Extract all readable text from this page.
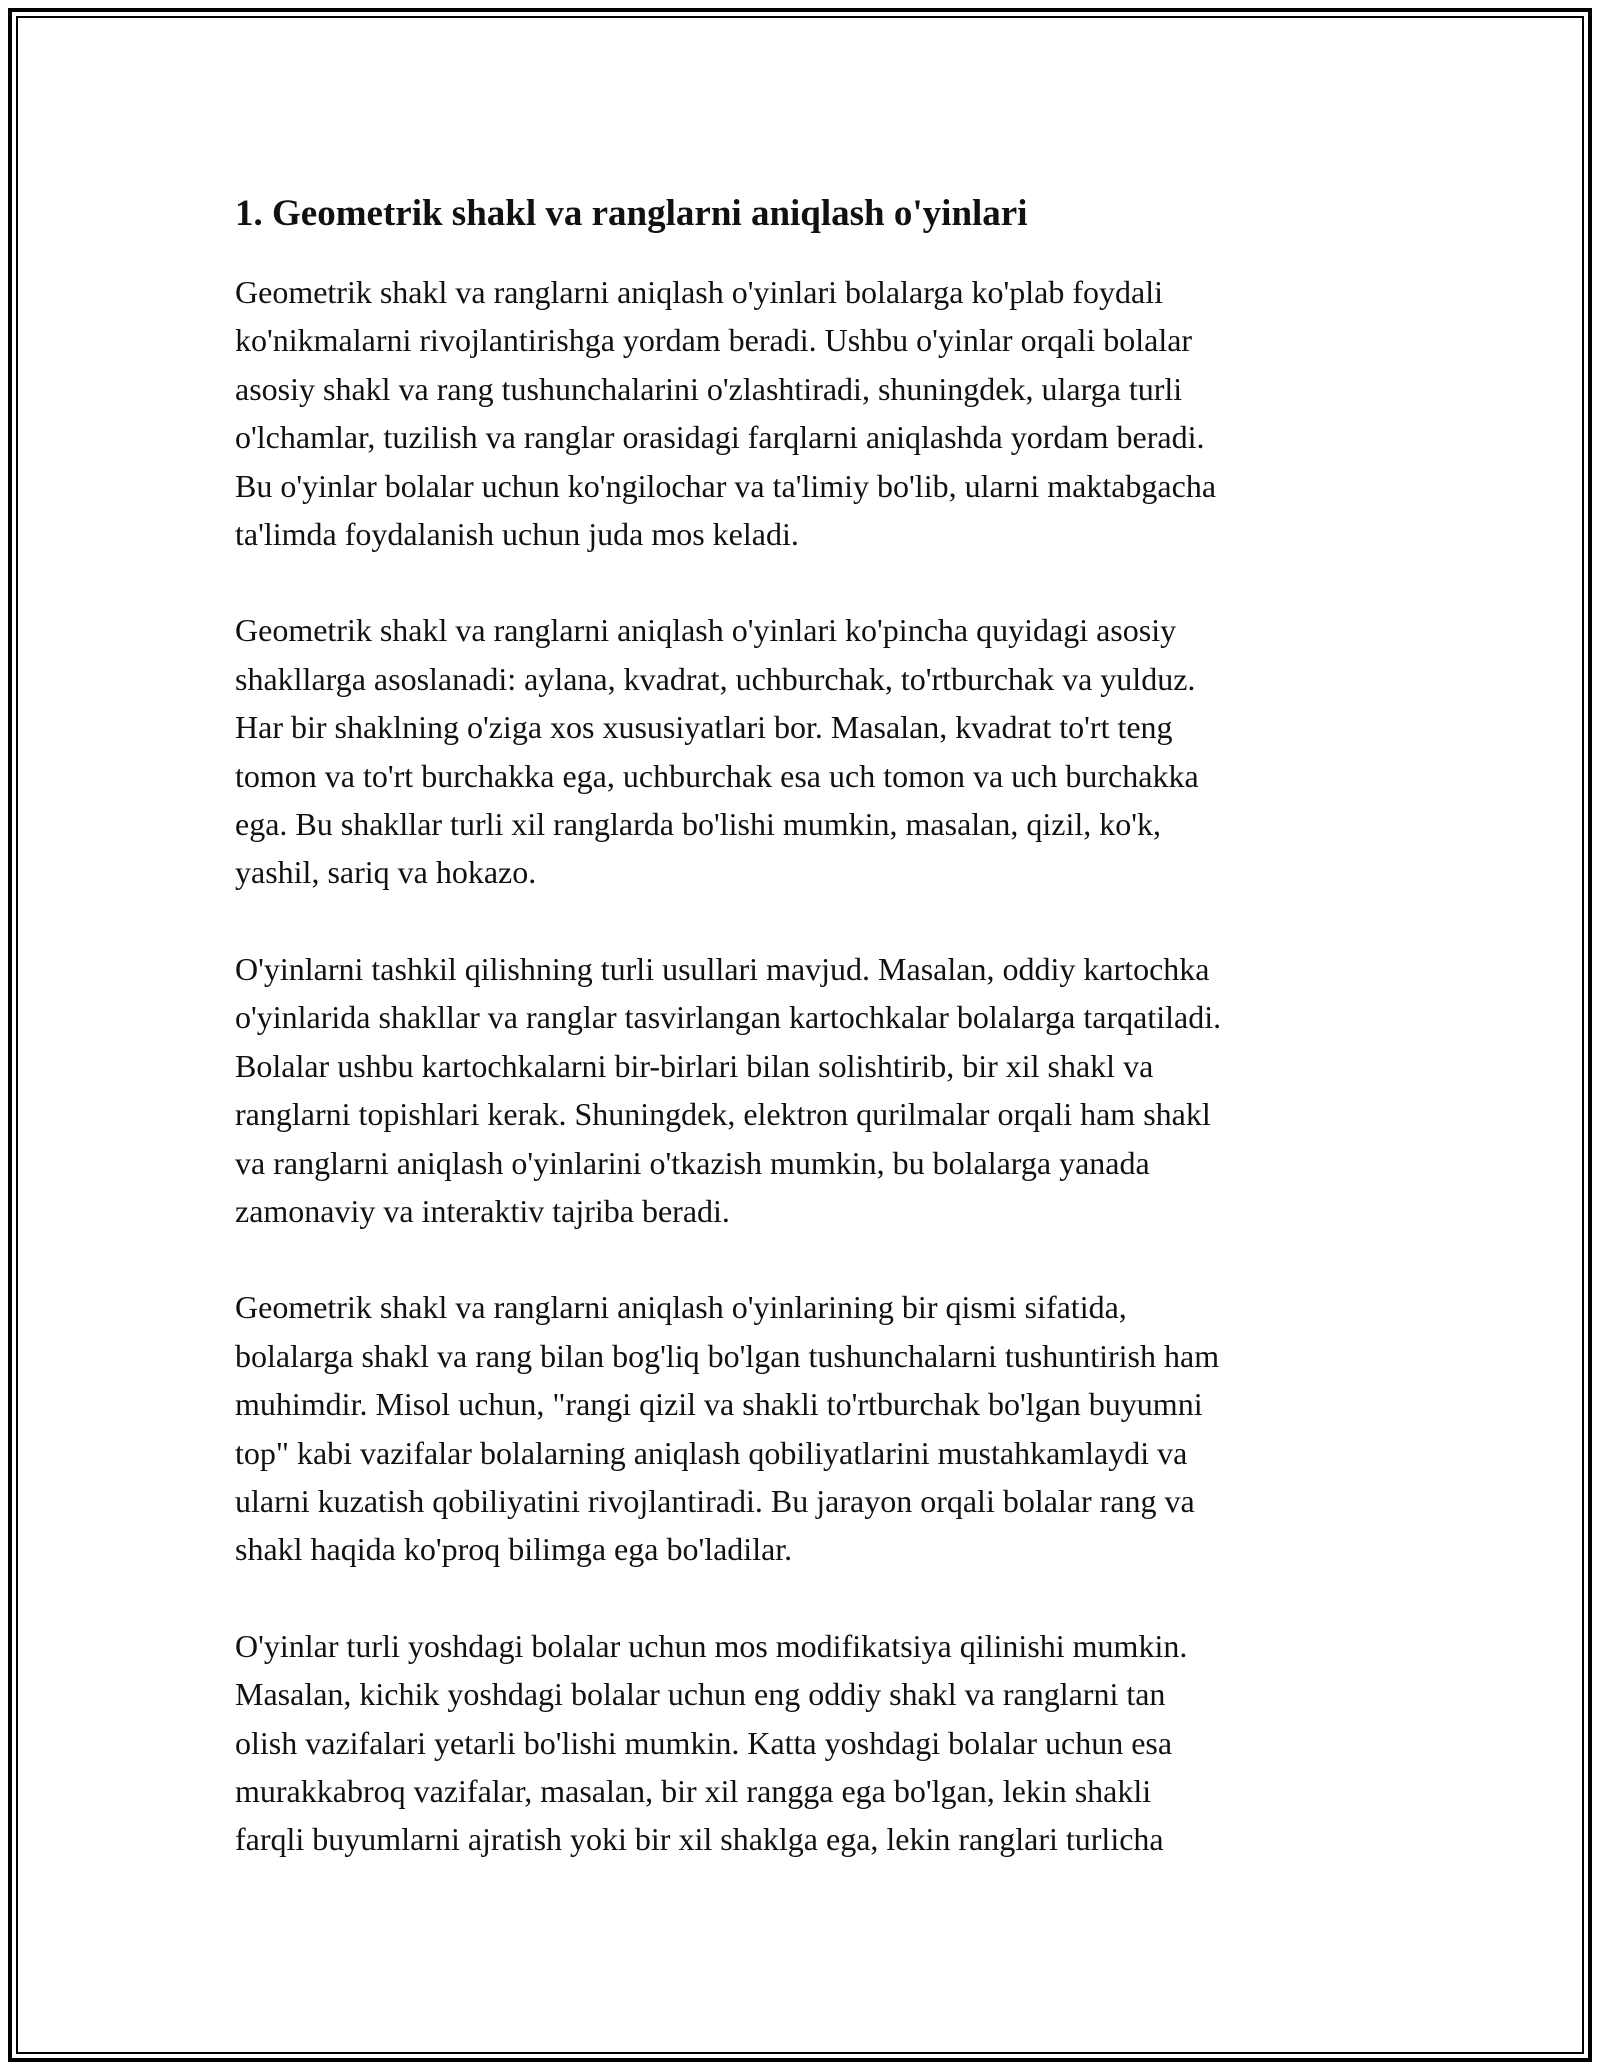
1. Geometrik shakl va ranglarni aniqlash o'yinlari

Geometrik shakl va ranglarni aniqlash o'yinlari bolalarga ko'plab foydali
ko'nikmalarni rivojlantirishga yordam beradi. Ushbu o'yinlar orqali bolalar
asosiy shakl va rang tushunchalarini o'zlashtiradi, shuningdek, ularga turli
o'lchamlar, tuzilish va ranglar orasidagi farqlarni aniqlashda yordam beradi.
Bu o'yinlar bolalar uchun ko'ngilochar va ta'limiy bo'lib, ularni maktabgacha
ta'limda foydalanish uchun juda mos keladi.

Geometrik shakl va ranglarni aniqlash o'yinlari ko'pincha quyidagi asosiy
shakllarga asoslanadi: aylana, kvadrat, uchburchak, to'rtburchak va yulduz.
Har bir shaklning o'ziga xos xususiyatlari bor. Masalan, kvadrat to'rt teng
tomon va to'rt burchakka ega, uchburchak esa uch tomon va uch burchakka
ega. Bu shakllar turli xil ranglarda bo'lishi mumkin, masalan, qizil, ko'k,
yashil, sariq va hokazo.

O'yinlarni tashkil qilishning turli usullari mavjud. Masalan, oddiy kartochka
o'yinlarida shakllar va ranglar tasvirlangan kartochkalar bolalarga tarqatiladi.
Bolalar ushbu kartochkalarni bir-birlari bilan solishtirib, bir xil shakl va
ranglarni topishlari kerak. Shuningdek, elektron qurilmalar orqali ham shakl
va ranglarni aniqlash o'yinlarini o'tkazish mumkin, bu bolalarga yanada
zamonaviy va interaktiv tajriba beradi.

Geometrik shakl va ranglarni aniqlash o'yinlarining bir qismi sifatida,
bolalarga shakl va rang bilan bog'liq bo'lgan tushunchalarni tushuntirish ham
muhimdir. Misol uchun, "rangi qizil va shakli to'rtburchak bo'lgan buyumni
top" kabi vazifalar bolalarning aniqlash qobiliyatlarini mustahkamlaydi va
ularni kuzatish qobiliyatini rivojlantiradi. Bu jarayon orqali bolalar rang va
shakl haqida ko'proq bilimga ega bo'ladilar.

O'yinlar turli yoshdagi bolalar uchun mos modifikatsiya qilinishi mumkin.
Masalan, kichik yoshdagi bolalar uchun eng oddiy shakl va ranglarni tan
olish vazifalari yetarli bo'lishi mumkin. Katta yoshdagi bolalar uchun esa
murakkabroq vazifalar, masalan, bir xil rangga ega bo'lgan, lekin shakli
farqli buyumlarni ajratish yoki bir xil shaklga ega, lekin ranglari turlicha
